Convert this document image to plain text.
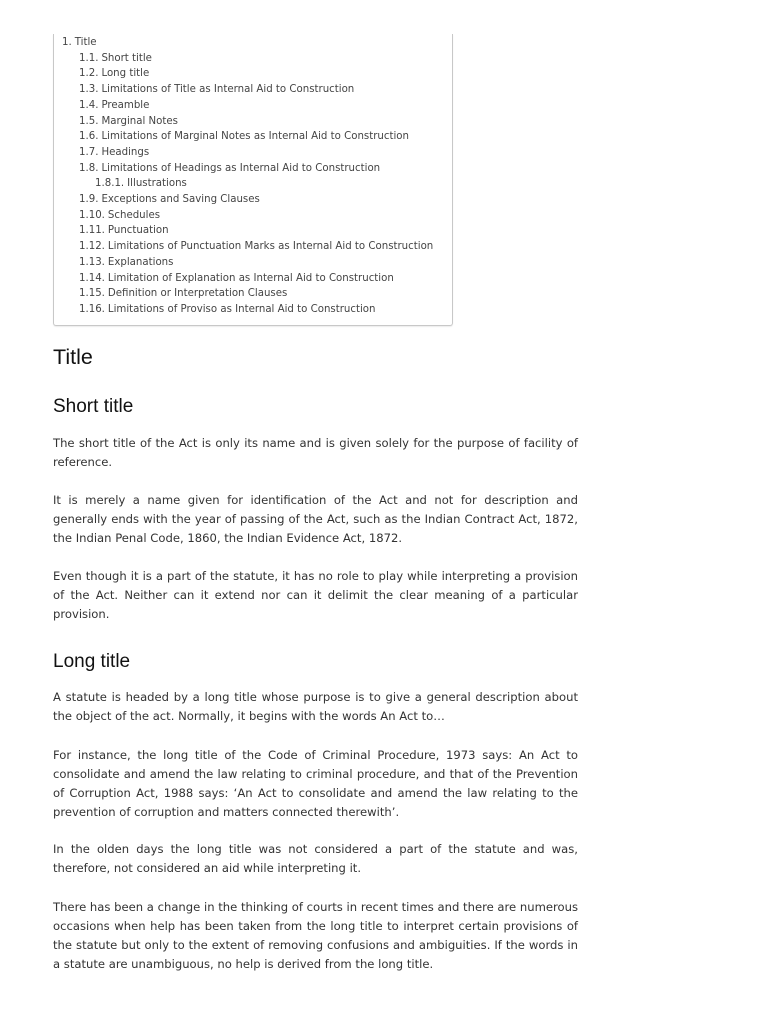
1. Title
1.1. Short title
1.2. Long title
1.3. Limitations of Title as Internal Aid to Construction
1.4. Preamble
1.5. Marginal Notes
1.6. Limitations of Marginal Notes as Internal Aid to Construction
1.7. Headings
1.8. Limitations of Headings as Internal Aid to Construction
1.8.1. Illustrations
1.9. Exceptions and Saving Clauses
1.10. Schedules
1.11. Punctuation
1.12. Limitations of Punctuation Marks as Internal Aid to Construction
1.13. Explanations
1.14. Limitation of Explanation as Internal Aid to Construction
1.15. Definition or Interpretation Clauses
1.16. Limitations of Proviso as Internal Aid to Construction
Title
Short title

The short title of the Act is only its name and is given solely for the purpose of facility of reference.

It is merely a name given for identification of the Act and not for description and generally ends with the year of passing of the Act, such as the Indian Contract Act, 1872, the Indian Penal Code, 1860, the Indian Evidence Act, 1872.

Even though it is a part of the statute, it has no role to play while interpreting a provision of the Act. Neither can it extend nor can it delimit the clear meaning of a particular provision.

Long title

A statute is headed by a long title whose purpose is to give a general description about the object of the act. Normally, it begins with the words An Act to…

For instance, the long title of the Code of Criminal Procedure, 1973 says: An Act to consolidate and amend the law relating to criminal procedure, and that of the Prevention of Corruption Act, 1988 says: ‘An Act to consolidate and amend the law relating to the prevention of corruption and matters connected therewith’.

In the olden days the long title was not considered a part of the statute and was, therefore, not considered an aid while interpreting it.

There has been a change in the thinking of courts in recent times and there are numerous occasions when help has been taken from the long title to interpret certain provisions of the statute but only to the extent of removing confusions and ambiguities. If the words in a statute are unambiguous, no help is derived from the long title.
